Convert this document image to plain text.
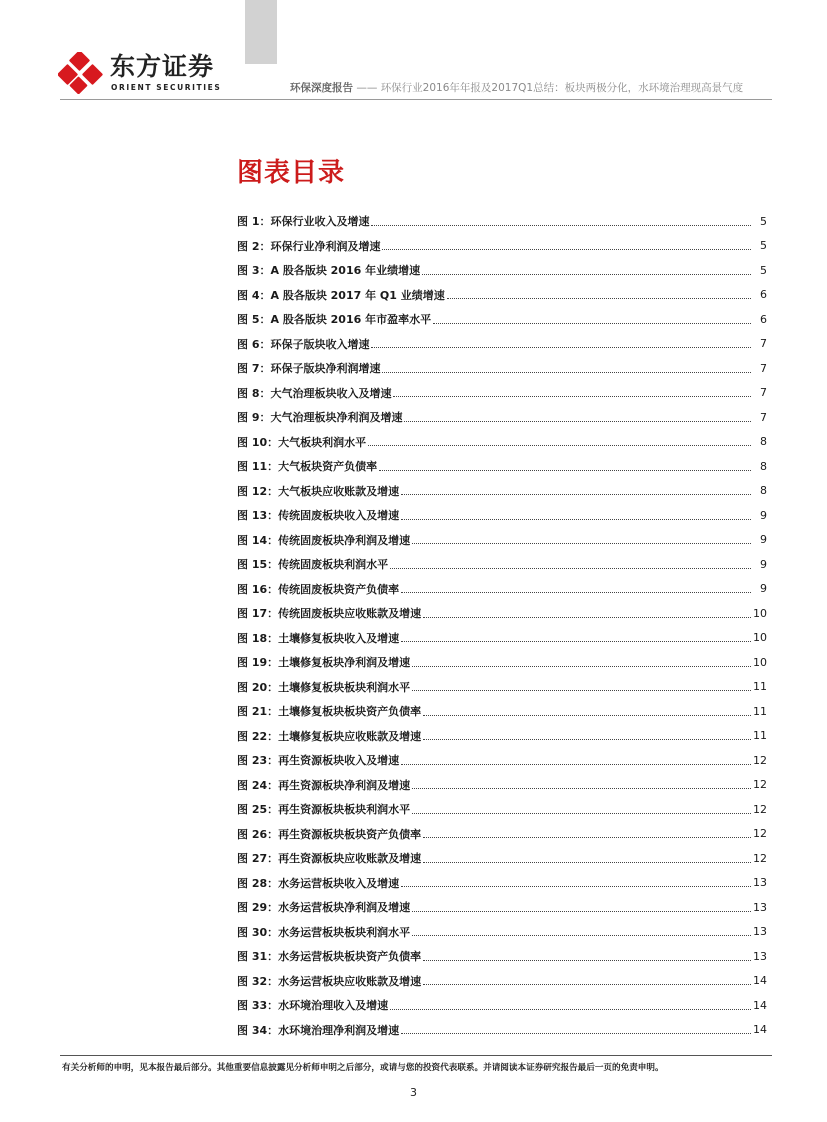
东方证券
ORIENT SECURITIES	环保深度报告 —— 环保行业2016年年报及2017Q1总结：板块两极分化，水环境治理现高景气度
图表目录
图 1：环保行业收入及增速	5
图 2：环保行业净利润及增速	5
图 3：A 股各版块 2016 年业绩增速	5
图 4：A 股各版块 2017 年 Q1 业绩增速	6
图 5：A 股各版块 2016 年市盈率水平	6
图 6：环保子版块收入增速	7
图 7：环保子版块净利润增速	7
图 8：大气治理板块收入及增速	7
图 9：大气治理板块净利润及增速	7
图 10：大气板块利润水平	8
图 11：大气板块资产负债率	8
图 12：大气板块应收账款及增速	8
图 13：传统固废板块收入及增速	9
图 14：传统固废板块净利润及增速	9
图 15：传统固废板块利润水平	9
图 16：传统固废板块资产负债率	9
图 17：传统固废板块应收账款及增速	10
图 18：土壤修复板块收入及增速	10
图 19：土壤修复板块净利润及增速	10
图 20：土壤修复板块板块利润水平	11
图 21：土壤修复板块板块资产负债率	11
图 22：土壤修复板块应收账款及增速	11
图 23：再生资源板块收入及增速	12
图 24：再生资源板块净利润及增速	12
图 25：再生资源板块板块利润水平	12
图 26：再生资源板块板块资产负债率	12
图 27：再生资源板块应收账款及增速	12
图 28：水务运营板块收入及增速	13
图 29：水务运营板块净利润及增速	13
图 30：水务运营板块板块利润水平	13
图 31：水务运营板块板块资产负债率	13
图 32：水务运营板块应收账款及增速	14
图 33：水环境治理收入及增速	14
图 34：水环境治理净利润及增速	14
有关分析师的申明，见本报告最后部分。其他重要信息披露见分析师申明之后部分，或请与您的投资代表联系。并请阅读本证券研究报告最后一页的免责申明。
3
